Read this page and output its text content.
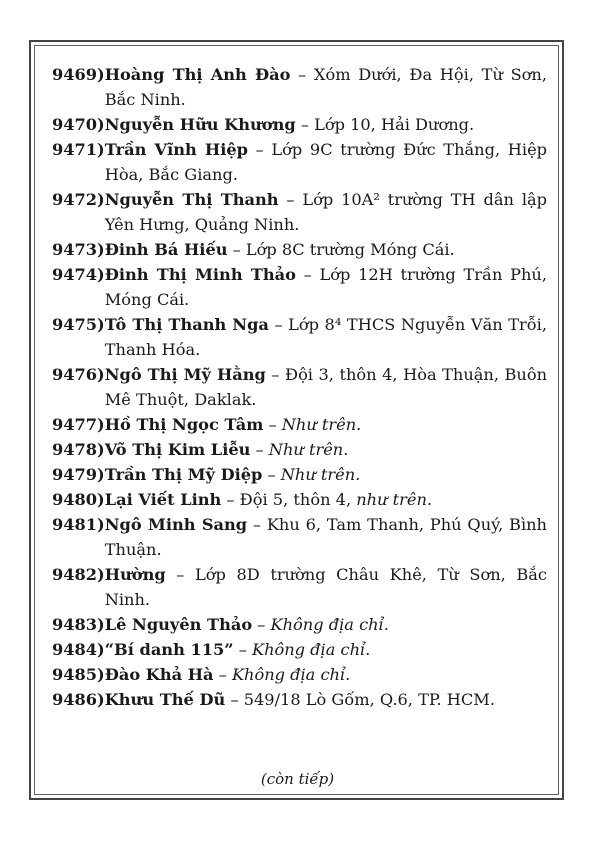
9469) Hoàng Thị Anh Đào – Xóm Dưới, Đa Hội, Từ Sơn, Bắc Ninh.
9470) Nguyễn Hữu Khương – Lớp 10, Hải Dương.
9471) Trần Vĩnh Hiệp – Lớp 9C trường Đức Thắng, Hiệp Hòa, Bắc Giang.
9472) Nguyễn Thị Thanh – Lớp 10A² trường TH dân lập Yên Hưng, Quảng Ninh.
9473) Đinh Bá Hiếu – Lớp 8C trường Móng Cái.
9474) Đinh Thị Minh Thảo – Lớp 12H trường Trần Phú, Móng Cái.
9475) Tô Thị Thanh Nga – Lớp 8⁴ THCS Nguyễn Văn Trỗi, Thanh Hóa.
9476) Ngô Thị Mỹ Hằng – Đội 3, thôn 4, Hòa Thuận, Buôn Mê Thuột, Daklak.
9477) Hồ Thị Ngọc Tâm – Như trên.
9478) Võ Thị Kim Liễu – Như trên.
9479) Trần Thị Mỹ Diệp – Như trên.
9480) Lại Viết Linh – Đội 5, thôn 4, như trên.
9481) Ngô Minh Sang – Khu 6, Tam Thanh, Phú Quý, Bình Thuận.
9482) Hường – Lớp 8D trường Châu Khê, Từ Sơn, Bắc Ninh.
9483) Lê Nguyên Thảo – Không địa chỉ.
9484) “Bí danh 115” – Không địa chỉ.
9485) Đào Khả Hà – Không địa chỉ.
9486) Khưu Thế Dũ – 549/18 Lò Gốm, Q.6, TP. HCM.
(còn tiếp)
